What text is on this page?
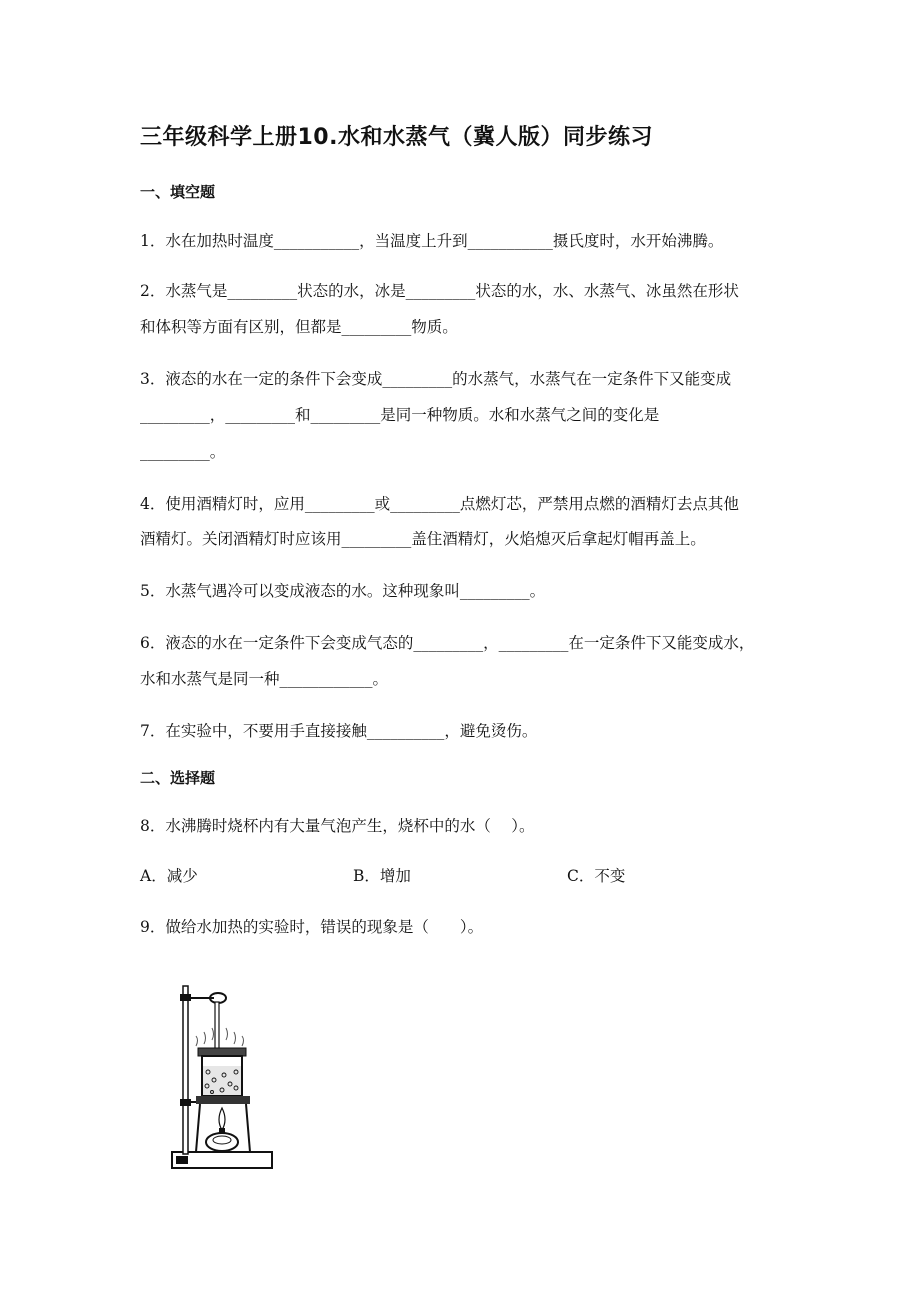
三年级科学上册10.水和水蒸气（冀人版）同步练习
一、填空题
1．水在加热时温度___________，当温度上升到___________摄氏度时，水开始沸腾。
2．水蒸气是_________状态的水，冰是_________状态的水，水、水蒸气、冰虽然在形状
和体积等方面有区别，但都是_________物质。
3．液态的水在一定的条件下会变成_________的水蒸气，水蒸气在一定条件下又能变成
_________，_________和_________是同一种物质。水和水蒸气之间的变化是
_________。
4．使用酒精灯时，应用_________或_________点燃灯芯，严禁用点燃的酒精灯去点其他
酒精灯。关闭酒精灯时应该用_________盖住酒精灯，火焰熄灭后拿起灯帽再盖上。
5．水蒸气遇冷可以变成液态的水。这种现象叫_________。
6．液态的水在一定条件下会变成气态的_________，_________在一定条件下又能变成水，
水和水蒸气是同一种____________。
7．在实验中，不要用手直接接触__________，避免烫伤。
二、选择题
8．水沸腾时烧杯内有大量气泡产生，烧杯中的水（　 ）。
A．减少	B．增加	C．不变
9．做给水加热的实验时，错误的现象是（　　）。
